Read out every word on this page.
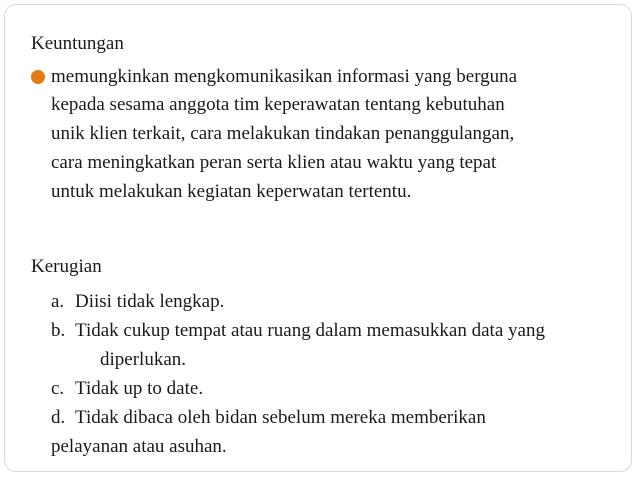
Keuntungan
memungkinkan mengkomunikasikan informasi yang berguna
kepada sesama anggota tim keperawatan tentang kebutuhan
unik klien terkait, cara melakukan tindakan penanggulangan,
cara meningkatkan peran serta klien atau waktu yang tepat
untuk melakukan kegiatan keperwatan tertentu.
Kerugian
a. Diisi tidak lengkap.
b. Tidak cukup tempat atau ruang dalam memasukkan data yang
diperlukan.
c. Tidak up to date.
d. Tidak dibaca oleh bidan sebelum mereka memberikan
pelayanan atau asuhan.
